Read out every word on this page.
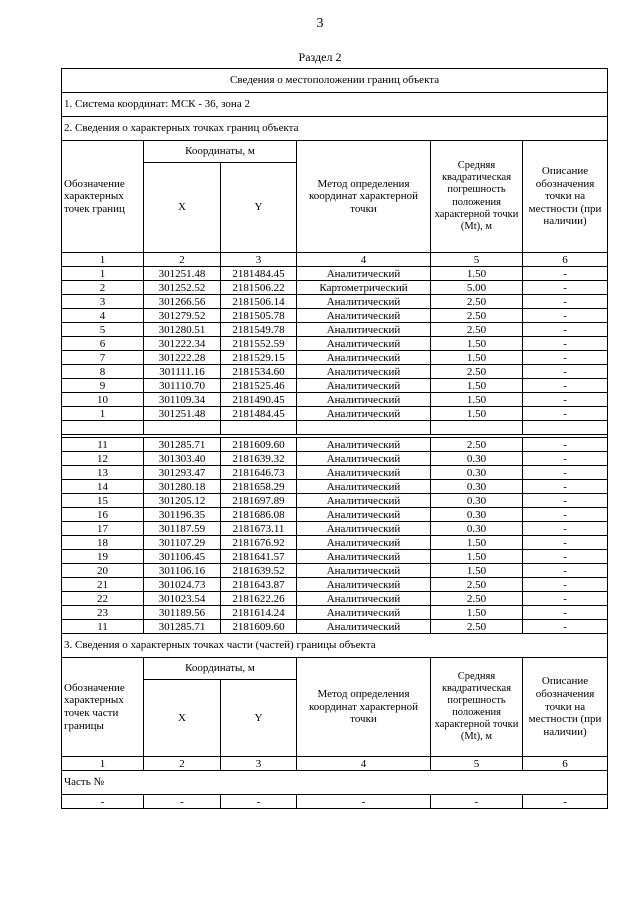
3
Раздел 2
Сведения о местоположении границ объекта					
1. Система координат: МСК - 36, зона 2					
2. Сведения о характерных точках границ объекта					
Обозначение характерных точек границ	Координаты, м		Метод определения координат характерной точки	Средняя квадратическая погрешность положения характерной точки (Mt), м	Описание обозначения точки на местности (при наличии)
	X	Y			
1	2	3	4	5	6
1	301251.48	2181484.45	Аналитический	1.50	-
2	301252.52	2181506.22	Картометрический	5.00	-
3	301266.56	2181506.14	Аналитический	2.50	-
4	301279.52	2181505.78	Аналитический	2.50	-
5	301280.51	2181549.78	Аналитический	2.50	-
6	301222.34	2181552.59	Аналитический	1.50	-
7	301222.28	2181529.15	Аналитический	1.50	-
8	301111.16	2181534.60	Аналитический	2.50	-
9	301110.70	2181525.46	Аналитический	1.50	-
10	301109.34	2181490.45	Аналитический	1.50	-
1	301251.48	2181484.45	Аналитический	1.50	-

11	301285.71	2181609.60	Аналитический	2.50	-
12	301303.40	2181639.32	Аналитический	0.30	-
13	301293.47	2181646.73	Аналитический	0.30	-
14	301280.18	2181658.29	Аналитический	0.30	-
15	301205.12	2181697.89	Аналитический	0.30	-
16	301196.35	2181686.08	Аналитический	0.30	-
17	301187.59	2181673.11	Аналитический	0.30	-
18	301107.29	2181676.92	Аналитический	1.50	-
19	301106.45	2181641.57	Аналитический	1.50	-
20	301106.16	2181639.52	Аналитический	1.50	-
21	301024.73	2181643.87	Аналитический	2.50	-
22	301023.54	2181622.26	Аналитический	2.50	-
23	301189.56	2181614.24	Аналитический	1.50	-
11	301285.71	2181609.60	Аналитический	2.50	-
3. Сведения о характерных точках части (частей) границы объекта					
Обозначение характерных точек части границы	Координаты, м		Метод определения координат характерной точки	Средняя квадратическая погрешность положения характерной точки (Mt), м	Описание обозначения точки на местности (при наличии)
	X	Y			
1	2	3	4	5	6
Часть №					
-	-	-	-	-	-
